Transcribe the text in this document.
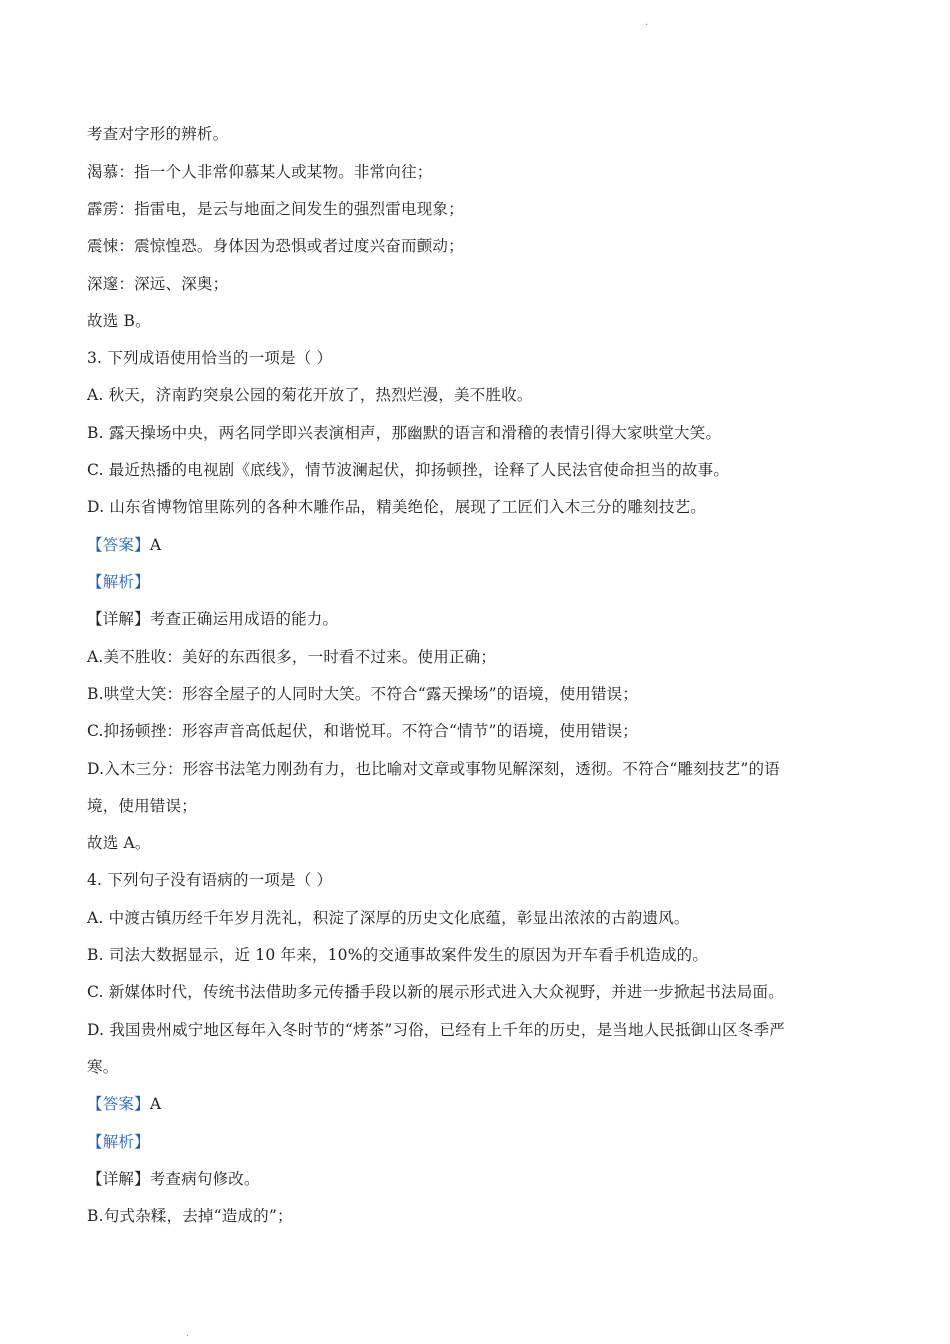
.
考查对字形的辨析。
渴慕：指一个人非常仰慕某人或某物。非常向往；
霹雳：指雷电，是云与地面之间发生的强烈雷电现象；
震悚：震惊惶恐。身体因为恐惧或者过度兴奋而颤动；
深邃：深远、深奥；
故选 B。
3. 下列成语使用恰当的一项是（ ）
A. 秋天，济南趵突泉公园的菊花开放了，热烈烂漫，美不胜收。
B. 露天操场中央，两名同学即兴表演相声，那幽默的语言和滑稽的表情引得大家哄堂大笑。
C. 最近热播的电视剧《底线》，情节波澜起伏，抑扬顿挫，诠释了人民法官使命担当的故事。
D. 山东省博物馆里陈列的各种木雕作品，精美绝伦，展现了工匠们入木三分的雕刻技艺。
【答案】A
【解析】
【详解】考查正确运用成语的能力。
A.美不胜收：美好的东西很多，一时看不过来。使用正确；
B.哄堂大笑：形容全屋子的人同时大笑。不符合“露天操场”的语境，使用错误；
C.抑扬顿挫：形容声音高低起伏，和谐悦耳。不符合“情节”的语境，使用错误；
D.入木三分：形容书法笔力刚劲有力，也比喻对文章或事物见解深刻，透彻。不符合“雕刻技艺”的语
境，使用错误；
故选 A。
4. 下列句子没有语病的一项是（ ）
A. 中渡古镇历经千年岁月洗礼，积淀了深厚的历史文化底蕴，彰显出浓浓的古韵遗风。
B. 司法大数据显示，近 10 年来，10%的交通事故案件发生的原因为开车看手机造成的。
C. 新媒体时代，传统书法借助多元传播手段以新的展示形式进入大众视野，并进一步掀起书法局面。
D. 我国贵州威宁地区每年入冬时节的“烤茶”习俗，已经有上千年的历史，是当地人民抵御山区冬季严
寒。
【答案】A
【解析】
【详解】考查病句修改。
B.句式杂糅，去掉“造成的”；
.
